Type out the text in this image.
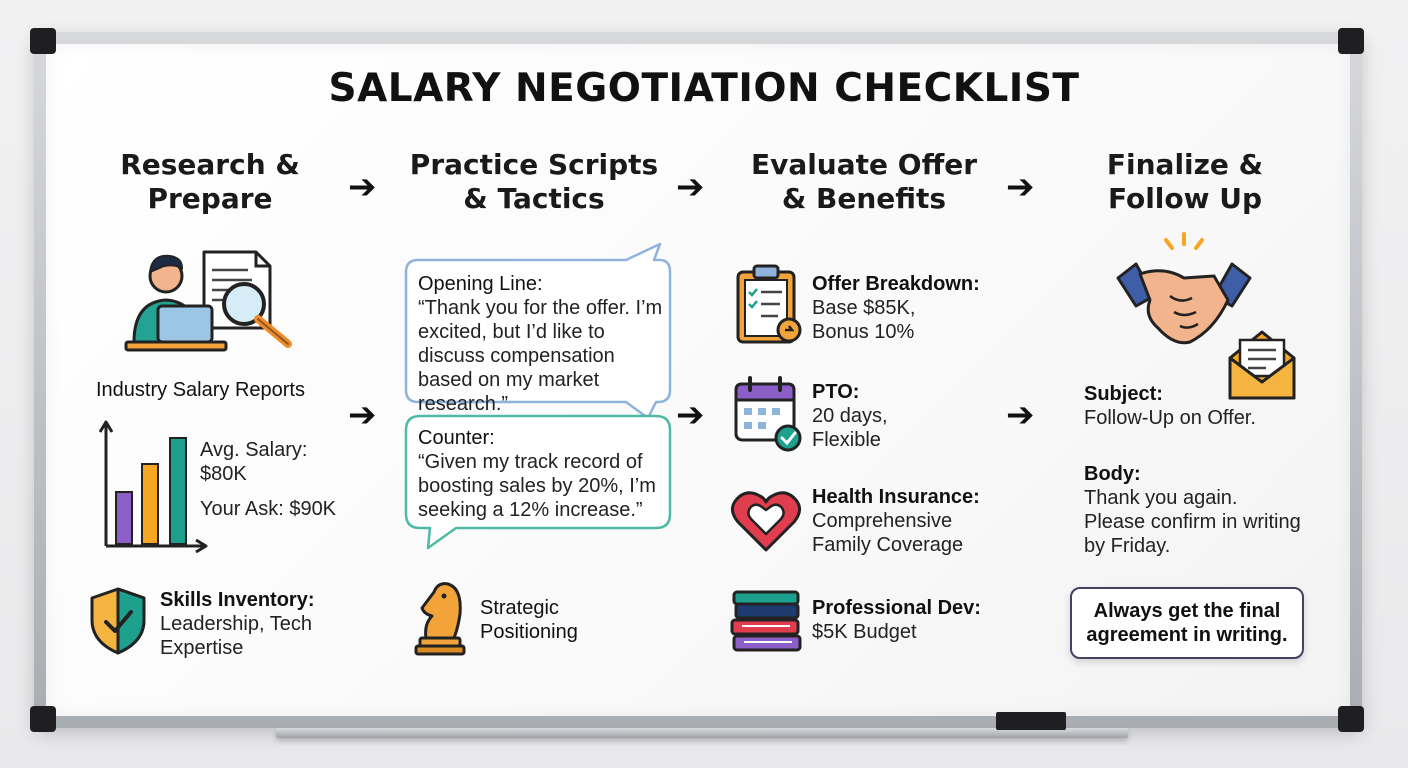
SALARY NEGOTIATION CHECKLIST
Research & Prepare
Practice Scripts & Tactics
Evaluate Offer & Benefits
Finalize & Follow Up
➔	➔	➔
➔	➔	➔
Industry Salary Reports
Avg. Salary: $80K
Your Ask: $90K
Skills Inventory:
Leadership, Tech Expertise
Opening Line:
“Thank you for the offer. I’m excited, but I’d like to discuss compensation based on my market research.”
Counter:
“Given my track record of boosting sales by 20%, I’m seeking a 12% increase.”
Strategic Positioning
Offer Breakdown:
Base $85K, Bonus 10%
PTO:
20 days, Flexible
Health Insurance:
Comprehensive Family Coverage
Professional Dev:
$5K Budget
Subject:
Follow-Up on Offer.
Body:
Thank you again. Please confirm in writing by Friday.
Always get the final agreement in writing.
